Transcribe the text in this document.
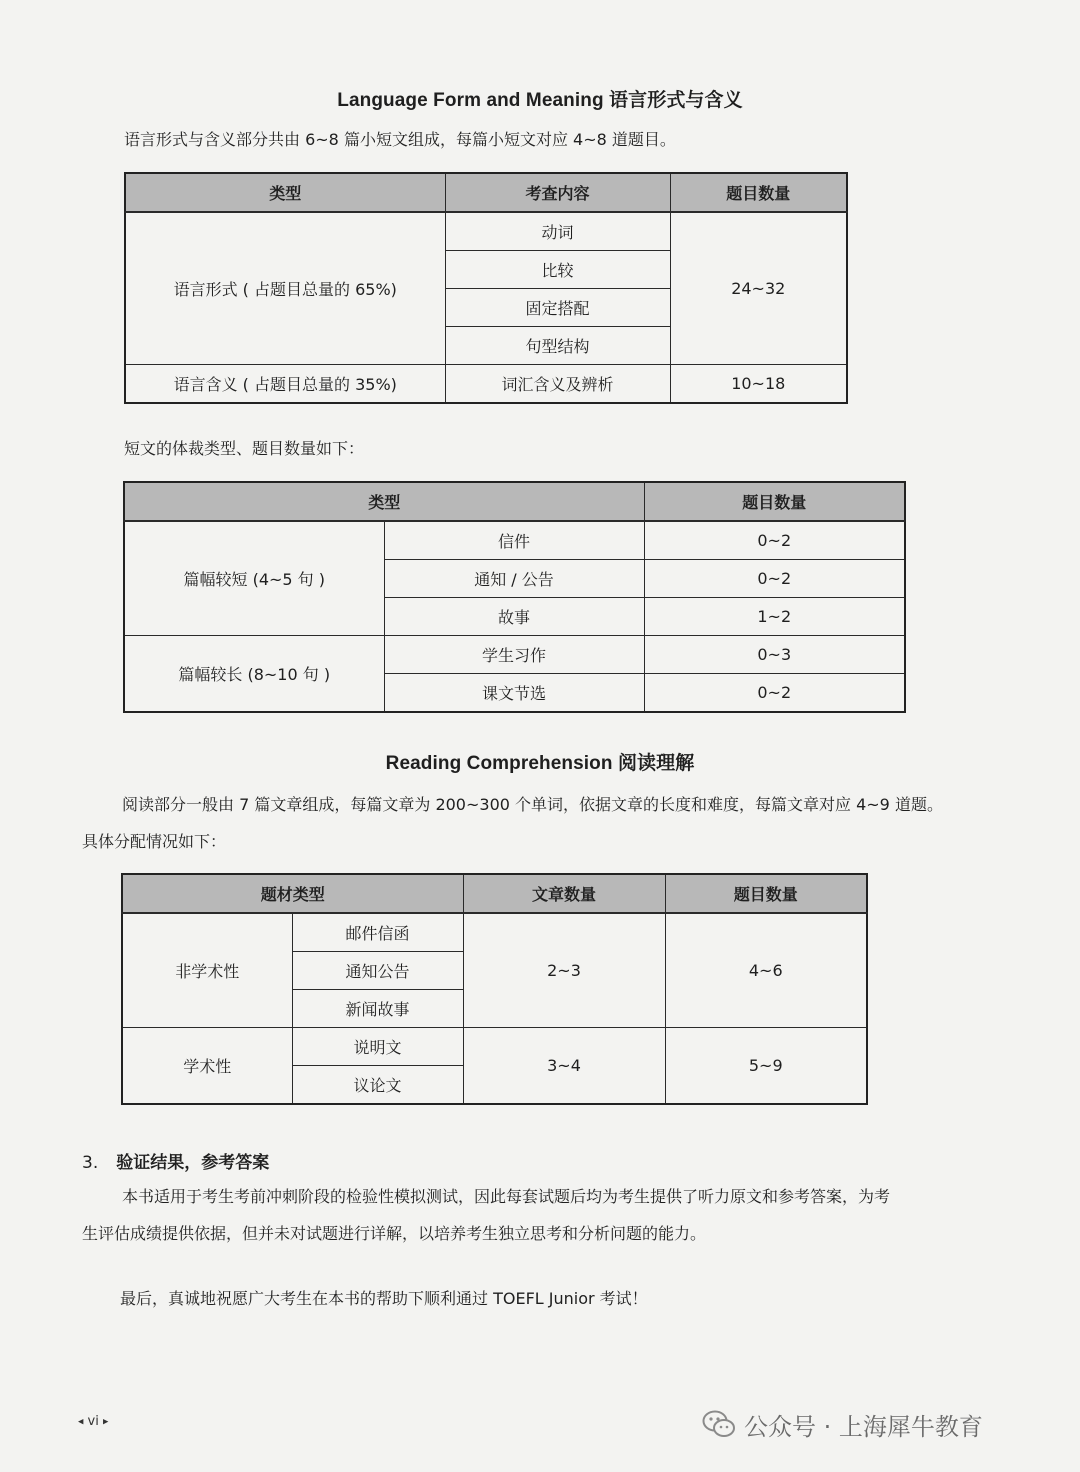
Language Form and Meaning 语言形式与含义
语言形式与含义部分共由 6~8 篇小短文组成，每篇小短文对应 4~8 道题目。
类型	考查内容	题目数量
语言形式 ( 占题目总量的 65%)	动词	24~32
	比较	
	固定搭配	
	句型结构	
语言含义 ( 占题目总量的 35%)	词汇含义及辨析	10~18
短文的体裁类型、题目数量如下：
类型		题目数量
篇幅较短 (4~5 句 )	信件	0~2
	通知 / 公告	0~2
	故事	1~2
篇幅较长 (8~10 句 )	学生习作	0~3
	课文节选	0~2
Reading Comprehension 阅读理解
阅读部分一般由 7 篇文章组成，每篇文章为 200~300 个单词，依据文章的长度和难度，每篇文章对应 4~9 道题。
具体分配情况如下：
题材类型		文章数量	题目数量
非学术性	邮件信函	2~3	4~6
	通知公告		
	新闻故事		
学术性	说明文	3~4	5~9
	议论文		
3. 验证结果，参考答案
本书适用于考生考前冲刺阶段的检验性模拟测试，因此每套试题后均为考生提供了听力原文和参考答案，为考
生评估成绩提供依据，但并未对试题进行详解，以培养考生独立思考和分析问题的能力。
最后，真诚地祝愿广大考生在本书的帮助下顺利通过 TOEFL Junior 考试！
◀ vi ▶	公众号 · 上海犀牛教育
